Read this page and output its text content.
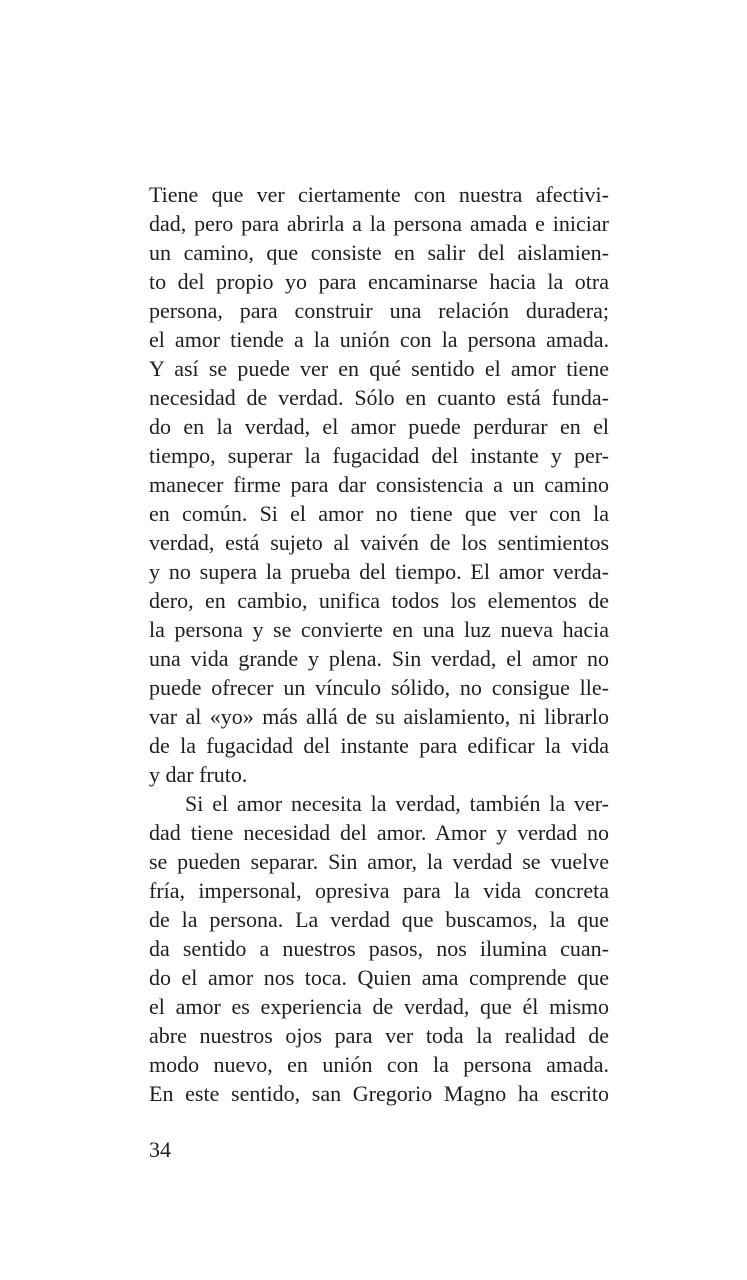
Tiene que ver ciertamente con nuestra afectivi-
dad, pero para abrirla a la persona amada e iniciar
un camino, que consiste en salir del aislamien-
to del propio yo para encaminarse hacia la otra
persona, para construir una relación duradera;
el amor tiende a la unión con la persona amada.
Y así se puede ver en qué sentido el amor tiene
necesidad de verdad. Sólo en cuanto está funda-
do en la verdad, el amor puede perdurar en el
tiempo, superar la fugacidad del instante y per-
manecer firme para dar consistencia a un camino
en común. Si el amor no tiene que ver con la
verdad, está sujeto al vaivén de los sentimientos
y no supera la prueba del tiempo. El amor verda-
dero, en cambio, unifica todos los elementos de
la persona y se convierte en una luz nueva hacia
una vida grande y plena. Sin verdad, el amor no
puede ofrecer un vínculo sólido, no consigue lle-
var al «yo» más allá de su aislamiento, ni librarlo
de la fugacidad del instante para edificar la vida
y dar fruto.
Si el amor necesita la verdad, también la ver-
dad tiene necesidad del amor. Amor y verdad no
se pueden separar. Sin amor, la verdad se vuelve
fría, impersonal, opresiva para la vida concreta
de la persona. La verdad que buscamos, la que
da sentido a nuestros pasos, nos ilumina cuan-
do el amor nos toca. Quien ama comprende que
el amor es experiencia de verdad, que él mismo
abre nuestros ojos para ver toda la realidad de
modo nuevo, en unión con la persona amada.
En este sentido, san Gregorio Magno ha escrito
34
